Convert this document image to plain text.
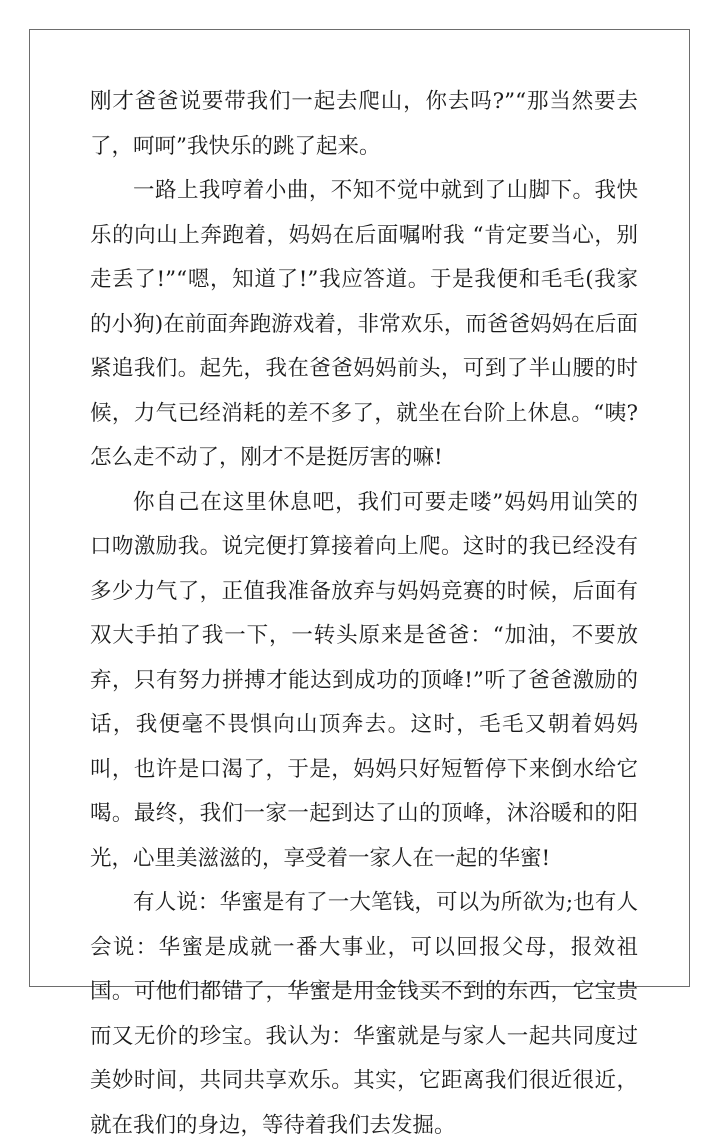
刚才爸爸说要带我们一起去爬山，你去吗?”“那当然要去了，呵呵”我快乐的跳了起来。

一路上我哼着小曲，不知不觉中就到了山脚下。我快乐的向山上奔跑着，妈妈在后面嘱咐我 “肯定要当心，别走丢了!”“嗯，知道了!”我应答道。于是我便和毛毛(我家的小狗)在前面奔跑游戏着，非常欢乐，而爸爸妈妈在后面紧追我们。起先，我在爸爸妈妈前头，可到了半山腰的时候，力气已经消耗的差不多了，就坐在台阶上休息。“咦?怎么走不动了，刚才不是挺厉害的嘛!

你自己在这里休息吧，我们可要走喽”妈妈用讪笑的口吻激励我。说完便打算接着向上爬。这时的我已经没有多少力气了，正值我准备放弃与妈妈竞赛的时候，后面有双大手拍了我一下，一转头原来是爸爸：“加油，不要放弃，只有努力拼搏才能达到成功的顶峰!”听了爸爸激励的话，我便毫不畏惧向山顶奔去。这时，毛毛又朝着妈妈叫，也许是口渴了，于是，妈妈只好短暂停下来倒水给它喝。最终，我们一家一起到达了山的顶峰，沐浴暖和的阳光，心里美滋滋的，享受着一家人在一起的华蜜!

有人说：华蜜是有了一大笔钱，可以为所欲为;也有人会说：华蜜是成就一番大事业，可以回报父母，报效祖国。可他们都错了，华蜜是用金钱买不到的东西，它宝贵而又无价的珍宝。我认为：华蜜就是与家人一起共同度过美妙时间，共同共享欢乐。其实，它距离我们很近很近，就在我们的身边，等待着我们去发掘。
